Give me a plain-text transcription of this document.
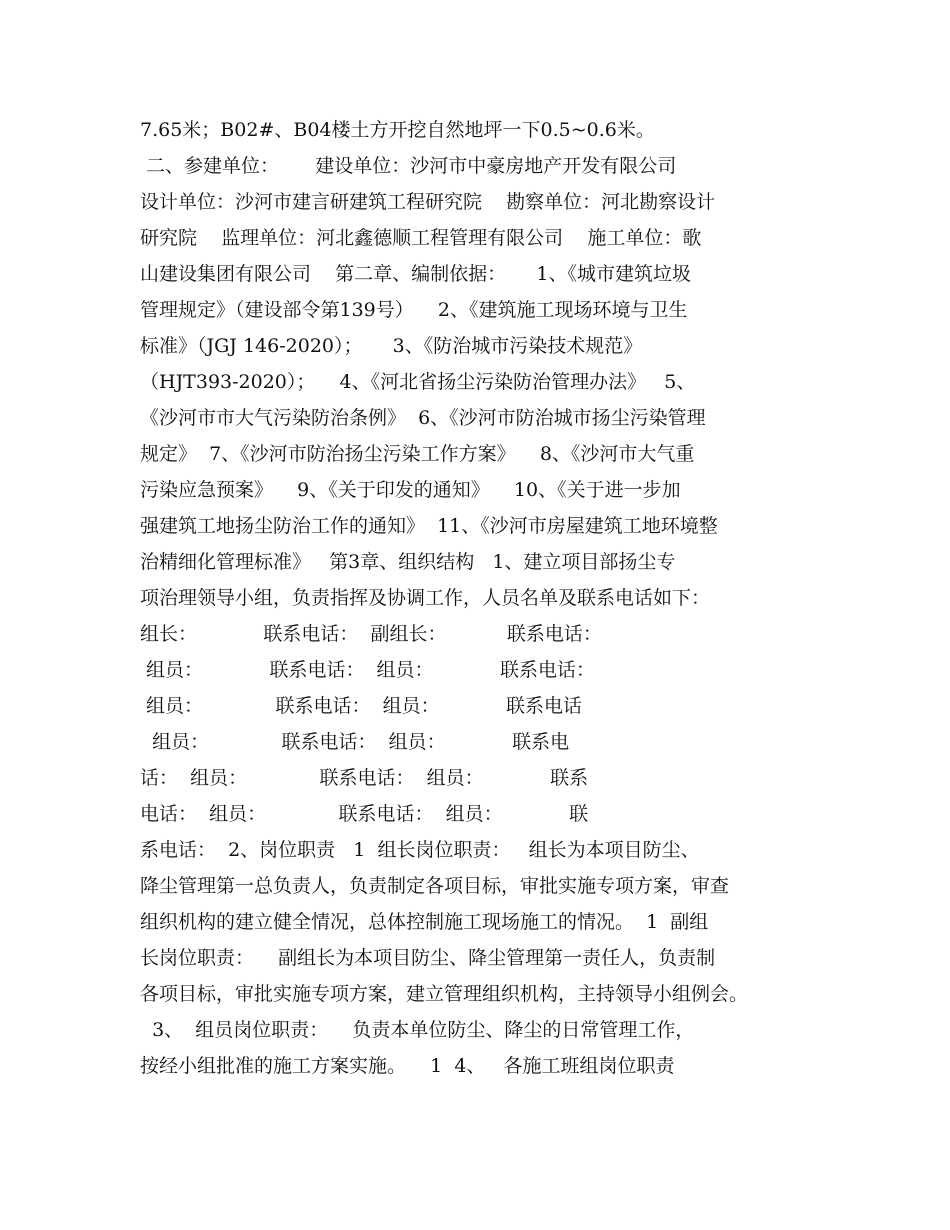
7.65米；B02#、B04楼土方开挖自然地坪一下0.5~0.6米。
二、参建单位：      建设单位：沙河市中豪房地产开发有限公司
设计单位：沙河市建言研建筑工程研究院    勘察单位：河北勘察设计
研究院    监理单位：河北鑫德顺工程管理有限公司    施工单位：歌
山建设集团有限公司    第二章、编制依据：     1、《城市建筑垃圾
管理规定》（建设部令第139号）    2、《建筑施工现场环境与卫生
标准》（JGJ 146-2020）；     3、《防治城市污染技术规范》
（HJT393-2020）；    4、《河北省扬尘污染防治管理办法》   5、
《沙河市市大气污染防治条例》  6、《沙河市防治城市扬尘污染管理
规定》  7、《沙河市防治扬尘污染工作方案》    8、《沙河市大气重
污染应急预案》    9、《关于印发的通知》    10、《关于进一步加
强建筑工地扬尘防治工作的通知》  11、《沙河市房屋建筑工地环境整
治精细化管理标准》   第3章、组织结构   1、建立项目部扬尘专
项治理领导小组，负责指挥及协调工作，人员名单及联系电话如下：
组长：           联系电话：  副组长：          联系电话：
组员：           联系电话：  组员：           联系电话：
组员：            联系电话：  组员：           联系电话
组员：            联系电话：  组员：           联系电
话：  组员：            联系电话：  组员：           联系
电话：  组员：            联系电话：  组员：           联
系电话：  2、岗位职责   1  组长岗位职责：   组长为本项目防尘、
降尘管理第一总负责人，负责制定各项目标，审批实施专项方案，审查
组织机构的建立健全情况，总体控制施工现场施工的情况。  1  副组
长岗位职责：    副组长为本项目防尘、降尘管理第一责任人，负责制
各项目标，审批实施专项方案，建立管理组织机构，主持领导小组例会。
3、  组员岗位职责：    负责本单位防尘、降尘的日常管理工作，
按经小组批准的施工方案实施。    1  4、   各施工班组岗位职责
